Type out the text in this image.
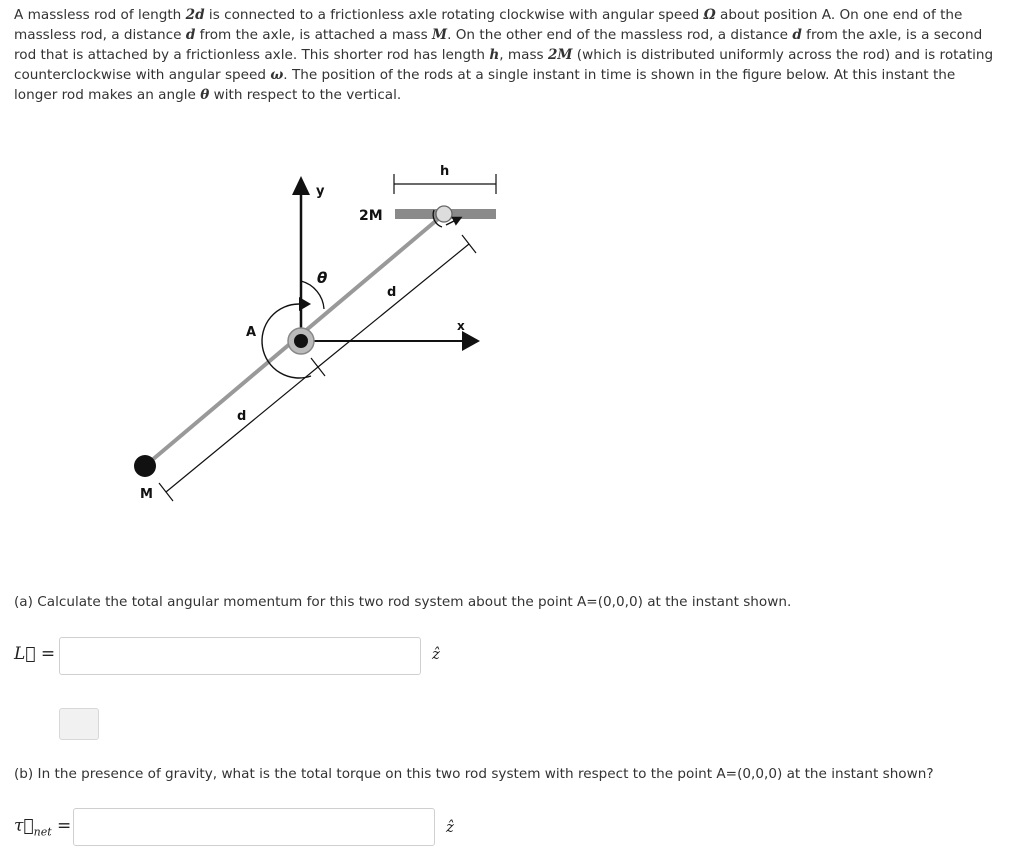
A massless rod of length 2d is connected to a frictionless axle rotating clockwise with angular speed Ω about position A. On one end of the massless rod, a distance d from the axle, is attached a mass M. On the other end of the massless rod, a distance d from the axle, is a second rod that is attached by a frictionless axle. This shorter rod has length h, mass 2M (which is distributed uniformly across the rod) and is rotating counterclockwise with angular speed ω. The position of the rods at a single instant in time is shown in the figure below. At this instant the longer rod makes an angle θ with respect to the vertical.

h
y
x
2M
d
d
θ
A
M

(a) Calculate the total angular momentum for this two rod system about the point A=(0,0,0) at the instant shown.

L⃗ =	ẑ

(b) In the presence of gravity, what is the total torque on this two rod system with respect to the point A=(0,0,0) at the instant shown?

$\tau⃗_{net}$ =	ẑ
